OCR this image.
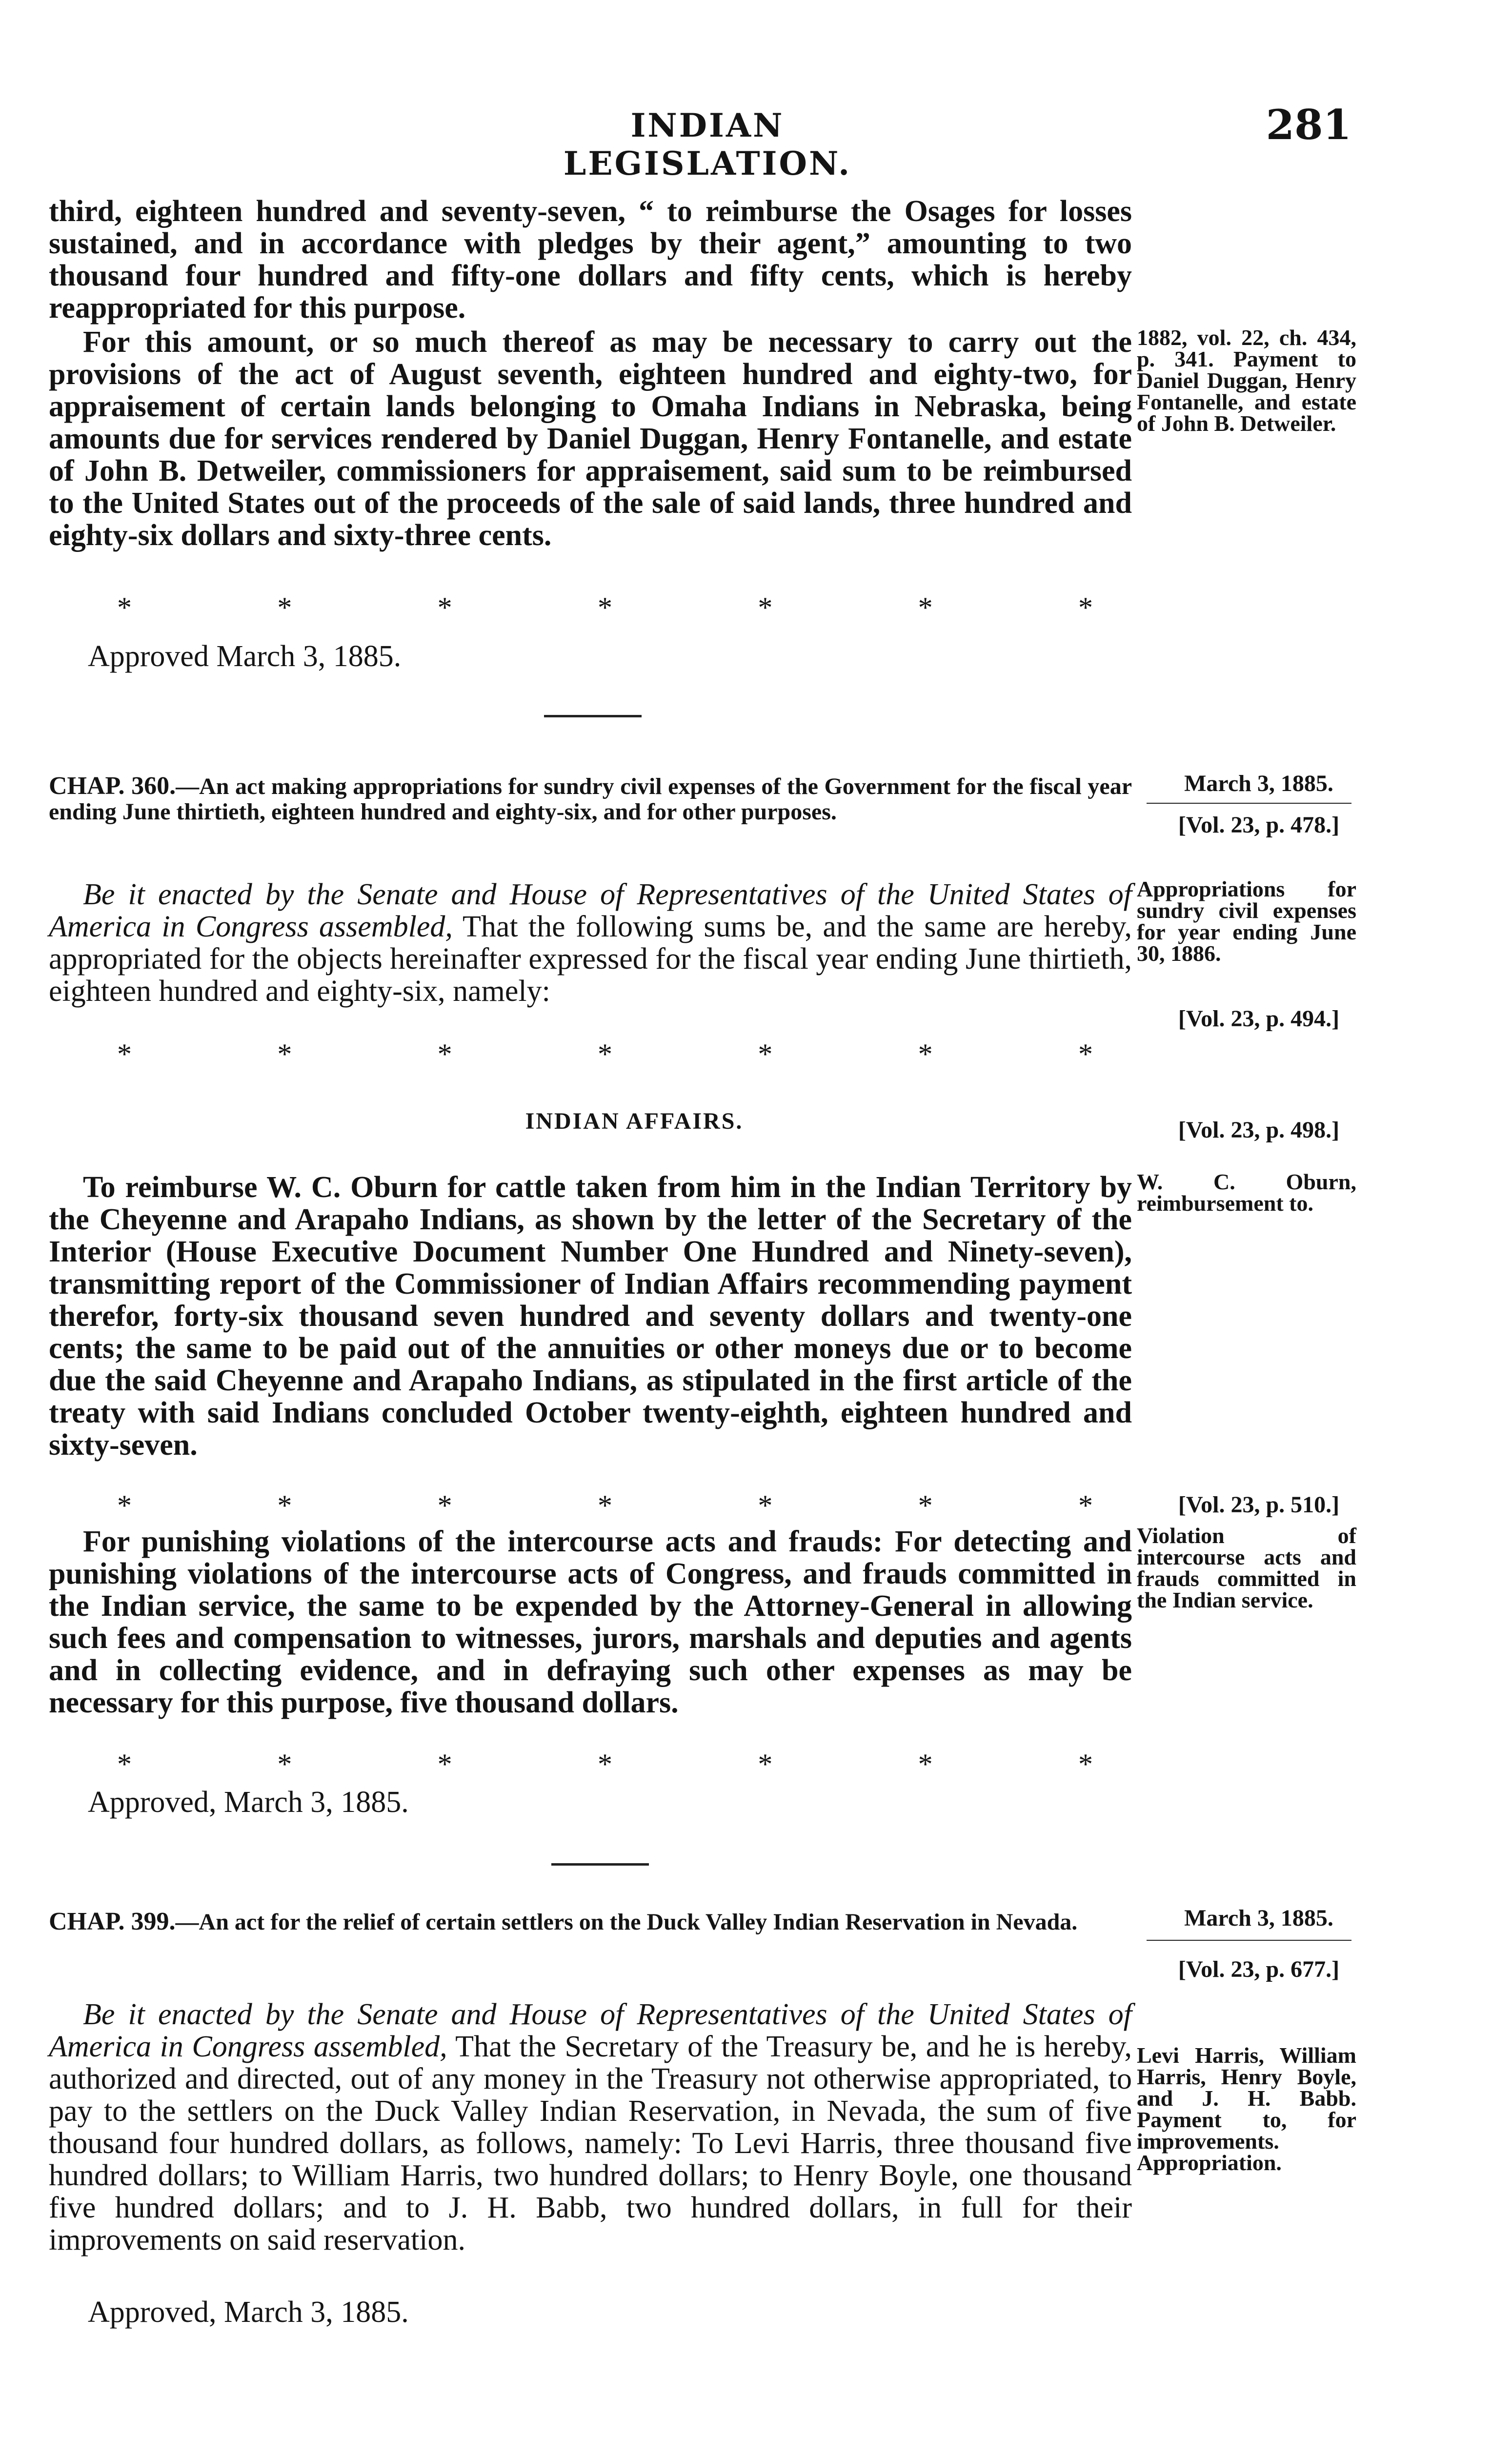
INDIAN LEGISLATION.
281
third, eighteen hundred and seventy-seven, “ to reimburse the Osages for losses sustained, and in accordance with pledges by their agent,” amounting to two thousand four hundred and fifty-one dollars and fifty cents, which is hereby reappropriated for this purpose.
For this amount, or so much thereof as may be necessary to carry out the provisions of the act of August seventh, eighteen hundred and eighty-two, for appraisement of certain lands belonging to Omaha Indians in Nebraska, being amounts due for services rendered by Daniel Duggan, Henry Fontanelle, and estate of John B. Detweiler, commissioners for appraisement, said sum to be reimbursed to the United States out of the proceeds of the sale of said lands, three hundred and eighty-six dollars and sixty-three cents.
1882, vol. 22, ch. 434, p. 341. Payment to Daniel Duggan, Henry Fontanelle, and estate of John B. Detweiler.
*	*	*	*	*	*	*
Approved March 3, 1885.
CHAP. 360.—An act making appropriations for sundry civil expenses of the Government for the fiscal year ending June thirtieth, eighteen hundred and eighty-six, and for other purposes.
March 3, 1885.
[Vol. 23, p. 478.]
Be it enacted by the Senate and House of Representatives of the United States of America in Congress assembled, That the following sums be, and the same are hereby, appropriated for the objects hereinafter expressed for the fiscal year ending June thirtieth, eighteen hundred and eighty-six, namely:
Appropriations for sundry civil expenses for year ending June 30, 1886.
[Vol. 23, p. 494.]
*	*	*	*	*	*	*
INDIAN AFFAIRS.	[Vol. 23, p. 498.]
To reimburse W. C. Oburn for cattle taken from him in the Indian Territory by the Cheyenne and Arapaho Indians, as shown by the letter of the Secretary of the Interior (House Executive Document Number One Hundred and Ninety-seven), transmitting report of the Commissioner of Indian Affairs recommending payment therefor, forty-six thousand seven hundred and seventy dollars and twenty-one cents; the same to be paid out of the annuities or other moneys due or to become due the said Cheyenne and Arapaho Indians, as stipulated in the first article of the treaty with said Indians concluded October twenty-eighth, eighteen hundred and sixty-seven.
W. C. Oburn, reimbursement to.
*	*	*	*	*	*	*	[Vol. 23, p. 510.]
For punishing violations of the intercourse acts and frauds: For detecting and punishing violations of the intercourse acts of Congress, and frauds committed in the Indian service, the same to be expended by the Attorney-General in allowing such fees and compensation to witnesses, jurors, marshals and deputies and agents and in collecting evidence, and in defraying such other expenses as may be necessary for this purpose, five thousand dollars.
Violation of intercourse acts and frauds committed in the Indian service.
*	*	*	*	*	*	*
Approved, March 3, 1885.
CHAP. 399.—An act for the relief of certain settlers on the Duck Valley Indian Reservation in Nevada.	March 3, 1885.
[Vol. 23, p. 677.]
Be it enacted by the Senate and House of Representatives of the United States of America in Congress assembled, That the Secretary of the Treasury be, and he is hereby, authorized and directed, out of any money in the Treasury not otherwise appropriated, to pay to the settlers on the Duck Valley Indian Reservation, in Nevada, the sum of five thousand four hundred dollars, as follows, namely: To Levi Harris, three thousand five hundred dollars; to William Harris, two hundred dollars; to Henry Boyle, one thousand five hundred dollars; and to J. H. Babb, two hundred dollars, in full for their improvements on said reservation.
Levi Harris, William Harris, Henry Boyle, and J. H. Babb. Payment to, for improvements. Appropriation.
Approved, March 3, 1885.
